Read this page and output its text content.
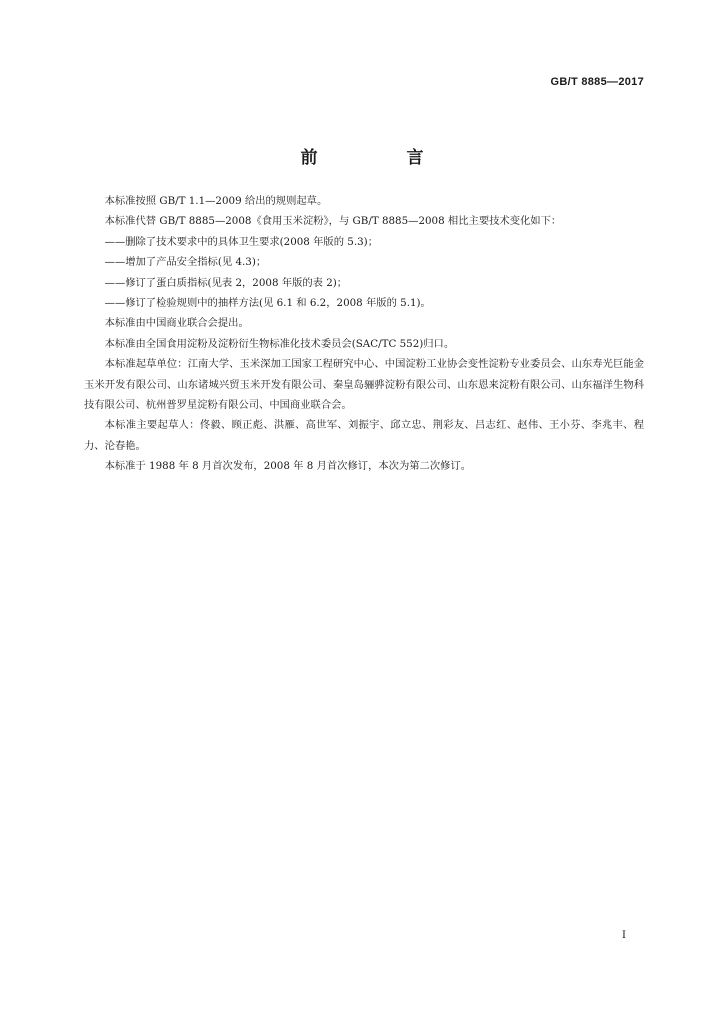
GB/T 8885—2017
前　言

本标准按照 GB/T 1.1—2009 给出的规则起草。

本标准代替 GB/T 8885—2008《食用玉米淀粉》，与 GB/T 8885—2008 相比主要技术变化如下：

——删除了技术要求中的具体卫生要求(2008 年版的 5.3)；

——增加了产品安全指标(见 4.3)；

——修订了蛋白质指标(见表 2，2008 年版的表 2)；

——修订了检验规则中的抽样方法(见 6.1 和 6.2，2008 年版的 5.1)。

本标准由中国商业联合会提出。

本标准由全国食用淀粉及淀粉衍生物标准化技术委员会(SAC/TC 552)归口。

本标准起草单位：江南大学、玉米深加工国家工程研究中心、中国淀粉工业协会变性淀粉专业委员会、山东寿光巨能金玉米开发有限公司、山东诸城兴贸玉米开发有限公司、秦皇岛骊骅淀粉有限公司、山东恩来淀粉有限公司、山东福洋生物科技有限公司、杭州普罗星淀粉有限公司、中国商业联合会。

本标准主要起草人：佟毅、顾正彪、洪雁、高世军、刘振宇、邱立忠、荆彩友、吕志红、赵伟、王小芬、李兆丰、程力、沦春艳。

本标准于 1988 年 8 月首次发布，2008 年 8 月首次修订，本次为第二次修订。

I
